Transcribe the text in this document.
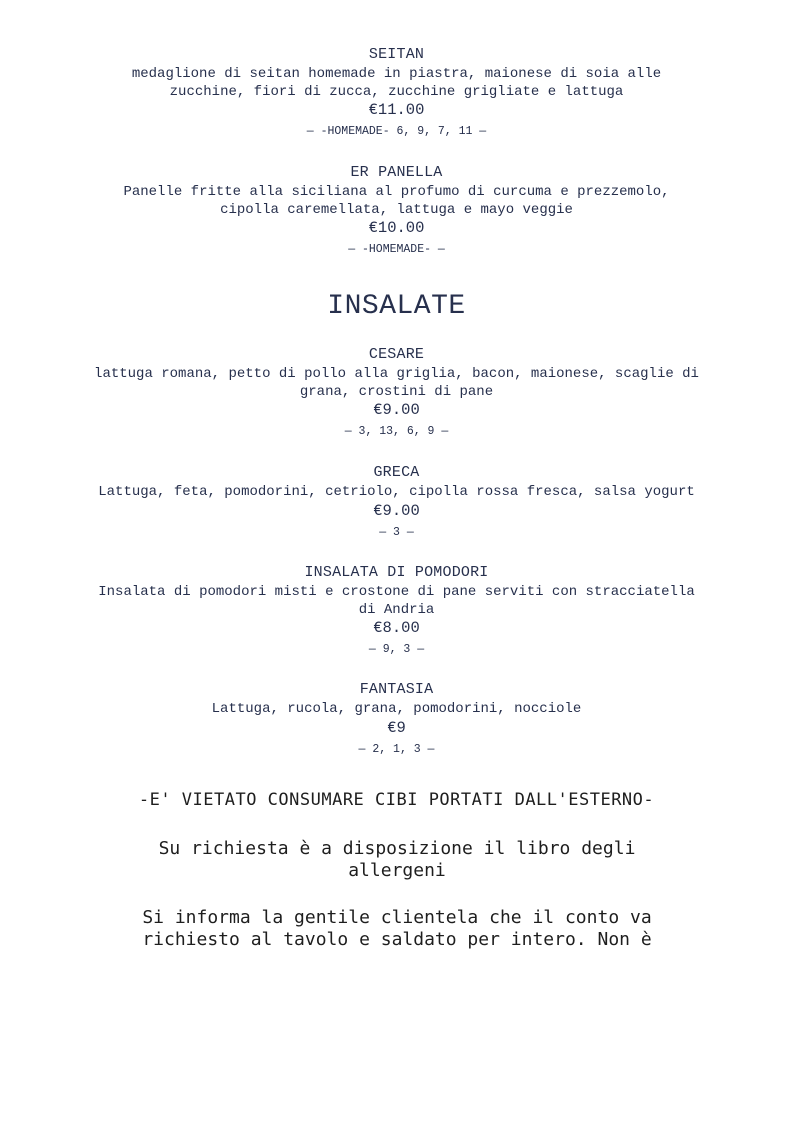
SEITAN
medaglione di seitan homemade in piastra, maionese di soia alle zucchine, fiori di zucca, zucchine grigliate e lattuga
€11.00
— -HOMEMADE- 6, 9, 7, 11 —
ER PANELLA
Panelle fritte alla siciliana al profumo di curcuma e prezzemolo, cipolla caremellata, lattuga e mayo veggie
€10.00
— -HOMEMADE- —
INSALATE
CESARE
lattuga romana, petto di pollo alla griglia, bacon, maionese, scaglie di grana, crostini di pane
€9.00
— 3, 13, 6, 9 —
GRECA
Lattuga, feta, pomodorini, cetriolo, cipolla rossa fresca, salsa yogurt
€9.00
— 3 —
INSALATA DI POMODORI
Insalata di pomodori misti e crostone di pane serviti con stracciatella di Andria
€8.00
— 9, 3 —
FANTASIA
Lattuga, rucola, grana, pomodorini, nocciole
€9
— 2, 1, 3 —
-E' VIETATO CONSUMARE CIBI PORTATI DALL'ESTERNO-
Su richiesta è a disposizione il libro degli allergeni
Si informa la gentile clientela che il conto va richiesto al tavolo e saldato per intero. Non è
